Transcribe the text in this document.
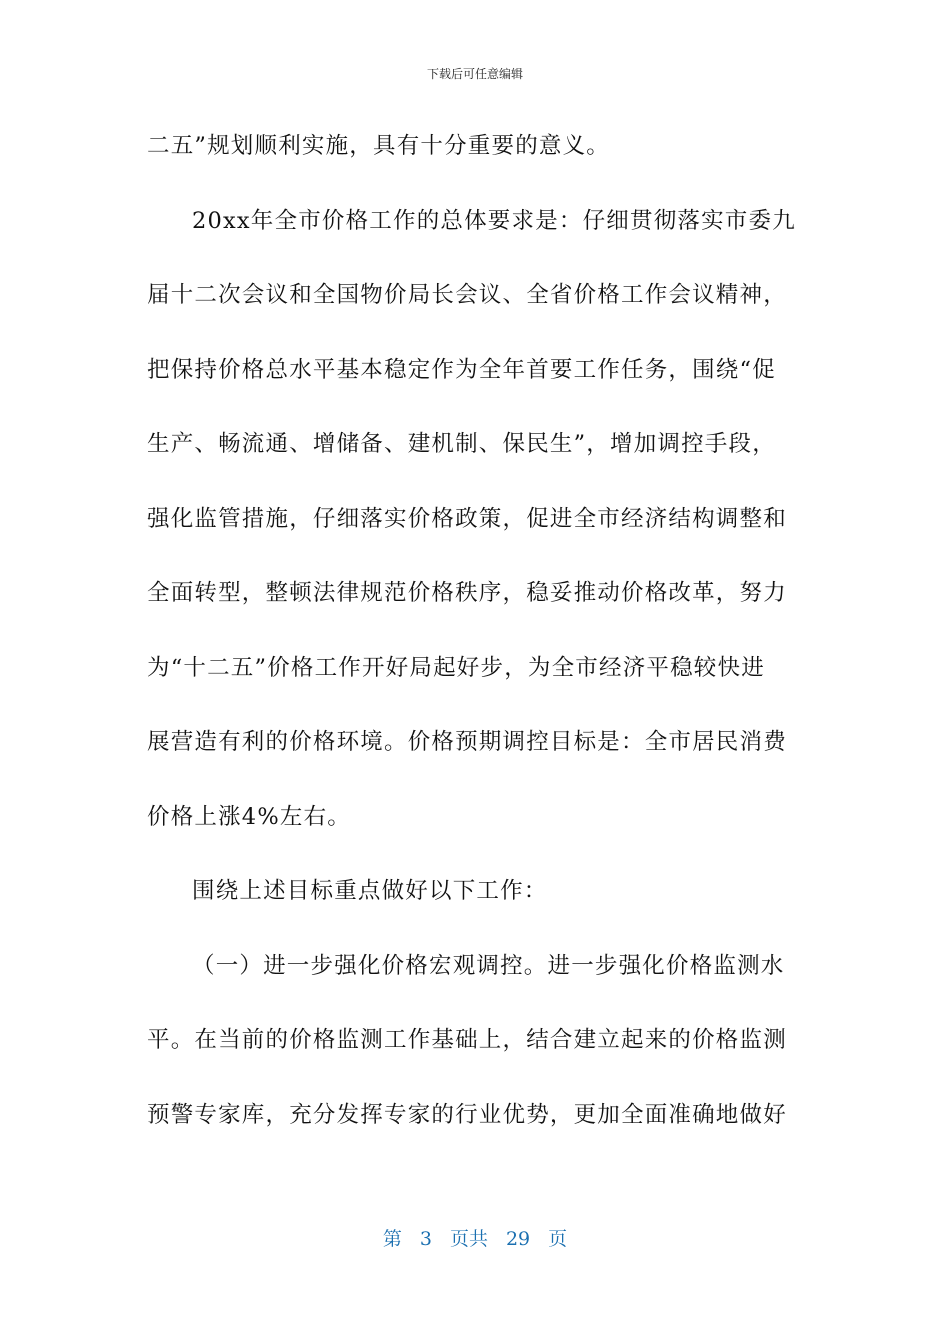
下载后可任意编辑
二五”规划顺利实施，具有十分重要的意义。
20xx年全市价格工作的总体要求是：仔细贯彻落实市委九
届十二次会议和全国物价局长会议、全省价格工作会议精神，
把保持价格总水平基本稳定作为全年首要工作任务，围绕“促
生产、畅流通、增储备、建机制、保民生”，增加调控手段，
强化监管措施，仔细落实价格政策，促进全市经济结构调整和
全面转型，整顿法律规范价格秩序，稳妥推动价格改革，努力
为“十二五”价格工作开好局起好步，为全市经济平稳较快进
展营造有利的价格环境。价格预期调控目标是：全市居民消费
价格上涨4%左右。
围绕上述目标重点做好以下工作：
（一）进一步强化价格宏观调控。进一步强化价格监测水
平。在当前的价格监测工作基础上，结合建立起来的价格监测
预警专家库，充分发挥专家的行业优势，更加全面准确地做好
第 3 页共 29 页
